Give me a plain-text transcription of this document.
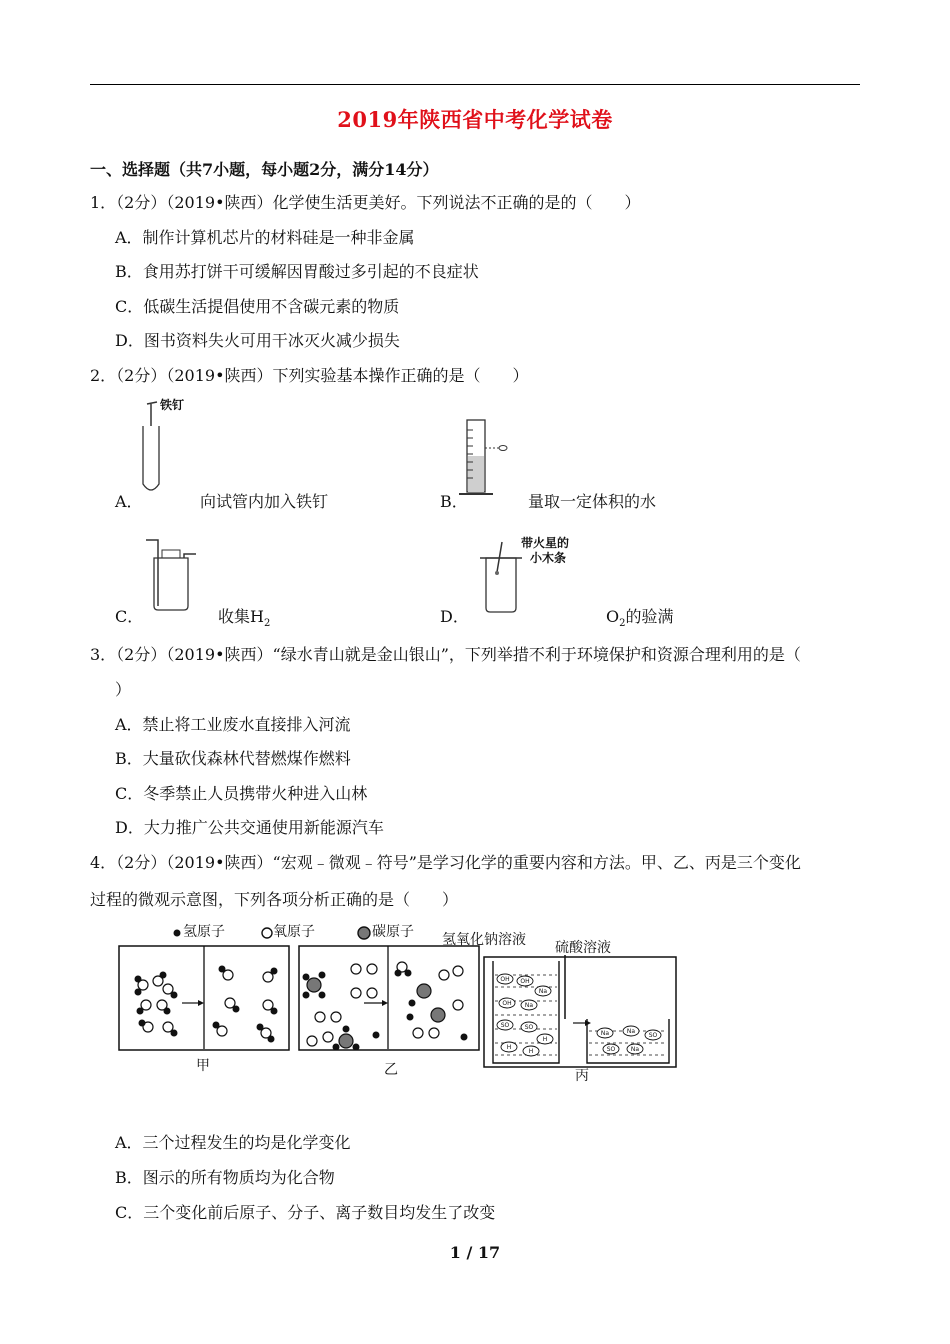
2019年陕西省中考化学试卷
一、选择题（共7小题，每小题2分，满分14分）
1．（2分）（2019•陕西）化学使生活更美好。下列说法不正确的是的（　　）
A．制作计算机芯片的材料硅是一种非金属
B．食用苏打饼干可缓解因胃酸过多引起的不良症状
C．低碳生活提倡使用不含碳元素的物质
D．图书资料失火可用干冰灭火减少损失
2．（2分）（2019•陕西）下列实验基本操作正确的是（　　）
铁钉
A．	向试管内加入铁钉	B．	量取一定体积的水
C．	收集$H_2$
带火星的
小木条
D．	$O_2$的验满
3．（2分）（2019•陕西）“绿水青山就是金山银山”，下列举措不利于环境保护和资源合理利用的是（
）
A．禁止将工业废水直接排入河流
B．大量砍伐森林代替燃煤作燃料
C．冬季禁止人员携带火种进入山林
D．大力推广公共交通使用新能源汽车
4．（2分）（2019•陕西）“宏观﹣微观﹣符号”是学习化学的重要内容和方法。甲、乙、丙是三个变化
过程的微观示意图，下列各项分析正确的是（　　）
氢原子	氧原子	碳原子 氢氧化钠溶液 硫酸溶液
甲	乙
OH OH
Na
OH Na
SO	SO
H
H
H
Na	Na
SO
SO	Na
丙
A．三个过程发生的均是化学变化
B．图示的所有物质均为化合物
C．三个变化前后原子、分子、离子数目均发生了改变
1 / 17
